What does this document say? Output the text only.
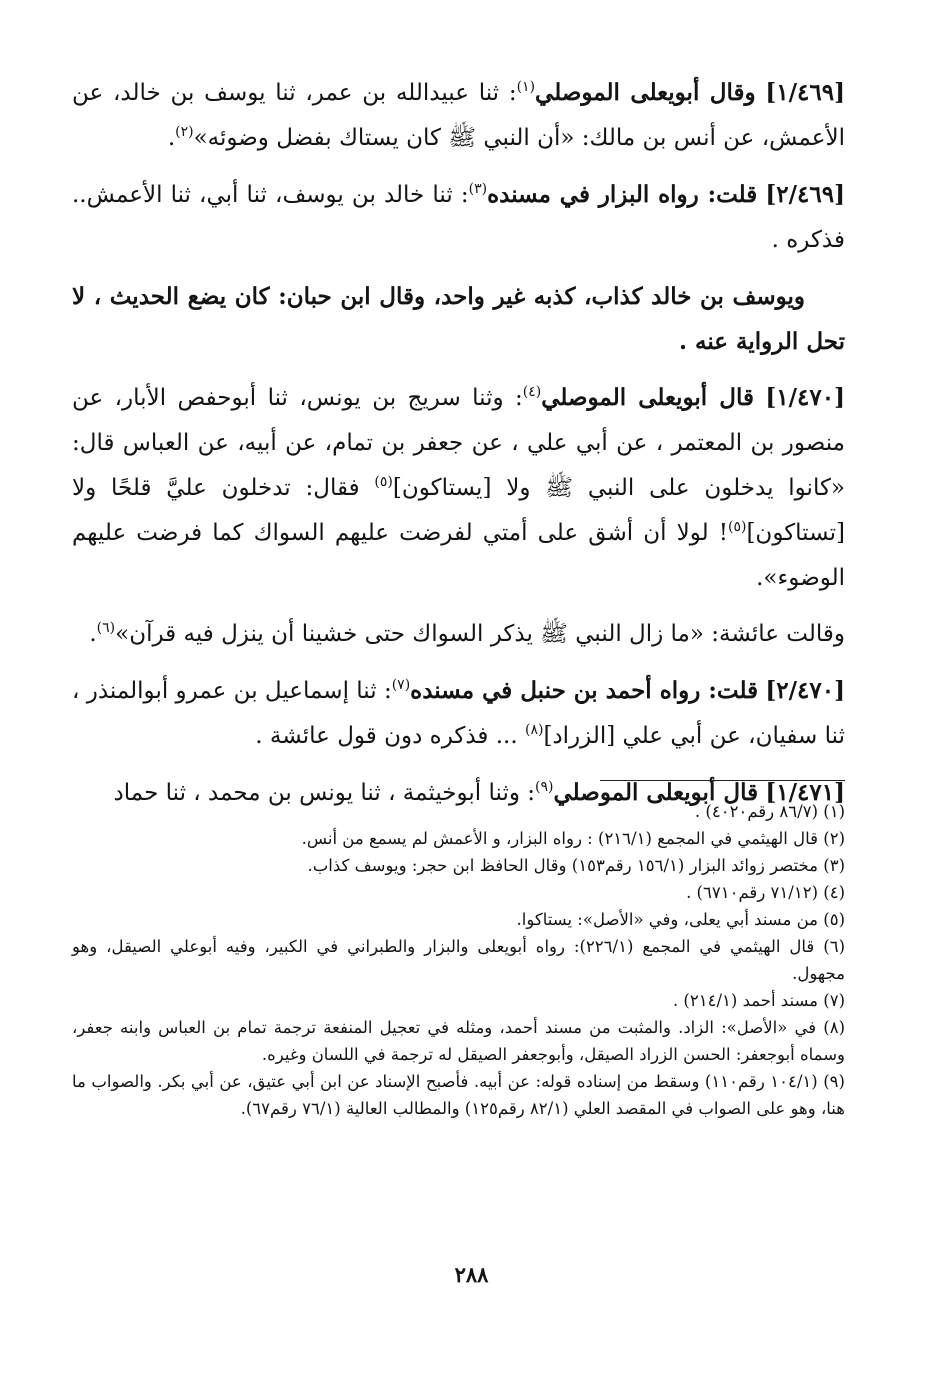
[١/٤٦٩] وقال أبويعلى الموصلي$^{(١)}$: ثنا عبيدالله بن عمر، ثنا يوسف بن خالد، عن الأعمش، عن أنس بن مالك: «أن النبي ﷺ كان يستاك بفضل وضوئه»$^{(٢)}$.

[٢/٤٦٩] قلت: رواه البزار في مسنده$^{(٣)}$: ثنا خالد بن يوسف، ثنا أبي، ثنا الأعمش.. فذكره .

ويوسف بن خالد كذاب، كذبه غير واحد، وقال ابن حبان: كان يضع الحديث ، لا تحل الرواية عنه .

[١/٤٧٠] قال أبويعلى الموصلي$^{(٤)}$: وثنا سريج بن يونس، ثنا أبوحفص الأبار، عن منصور بن المعتمر ، عن أبي علي ، عن جعفر بن تمام، عن أبيه، عن العباس قال: «كانوا يدخلون على النبي ﷺ ولا [يستاكون]$^{(٥)}$ فقال: تدخلون عليَّ قلحًا ولا [تستاكون]$^{(٥)}$! لولا أن أشق على أمتي لفرضت عليهم السواك كما فرضت عليهم الوضوء».

وقالت عائشة: «ما زال النبي ﷺ يذكر السواك حتى خشينا أن ينزل فيه قرآن»$^{(٦)}$.

[٢/٤٧٠] قلت: رواه أحمد بن حنبل في مسنده$^{(٧)}$: ثنا إسماعيل بن عمرو أبوالمنذر ، ثنا سفيان، عن أبي علي [الزراد]$^{(٨)}$ ... فذكره دون قول عائشة .

[١/٤٧١] قال أبويعلى الموصلي$^{(٩)}$: وثنا أبوخيثمة ، ثنا يونس بن محمد ، ثنا حماد

(١) (٨٦/٧ رقم٤٠٢٠) .

(٢) قال الهيثمي في المجمع (٢١٦/١) : رواه البزار، و الأعمش لم يسمع من أنس.

(٣) مختصر زوائد البزار (١٥٦/١ رقم١٥٣) وقال الحافظ ابن حجر: ويوسف كذاب.

(٤) (٧١/١٢ رقم٦٧١٠) .

(٥) من مسند أبي يعلى، وفي «الأصل»: يستاكوا.

(٦) قال الهيثمي في المجمع (٢٢٦/١): رواه أبويعلى والبزار والطبراني في الكبير، وفيه أبوعلي الصيقل، وهو مجهول.

(٧) مسند أحمد (٢١٤/١) .

(٨) في «الأصل»: الزاد. والمثبت من مسند أحمد، ومثله في تعجيل المنفعة ترجمة تمام بن العباس وابنه جعفر، وسماه أبوجعفر: الحسن الزراد الصيقل، وأبوجعفر الصيقل له ترجمة في اللسان وغيره.

(٩) (١٠٤/١ رقم١١٠) وسقط من إسناده قوله: عن أبيه. فأصبح الإسناد عن ابن أبي عتيق، عن أبي بكر. والصواب ما هنا، وهو على الصواب في المقصد العلي (٨٢/١ رقم١٢٥) والمطالب العالية (٧٦/١ رقم٦٧).

٢٨٨
